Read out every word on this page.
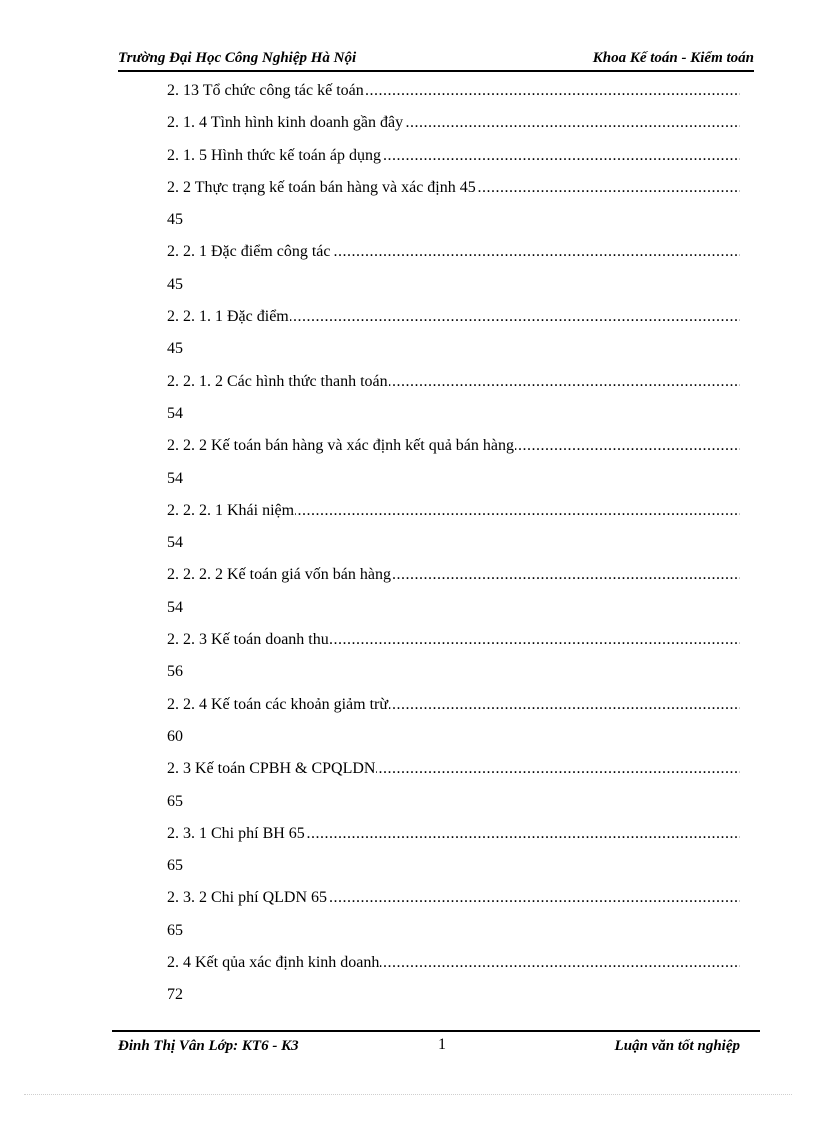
Trường Đại Học Công Nghiệp Hà Nội	Khoa Kế toán - Kiểm toán
2. 13 Tổ chức công tác kế toán .....
2. 1. 4 Tình hình kinh doanh gần đây .....
2. 1. 5 Hình thức kế toán áp dụng .....
2. 2 Thực trạng kế toán bán hàng và xác định 45 .....
45
2. 2. 1 Đặc điểm công tác .....
45
2. 2. 1. 1 Đặc điểm .....
45
2. 2. 1. 2 Các hình thức thanh toán .....
54
2. 2. 2 Kế toán bán hàng và xác định kết quả bán hàng .....
54
2. 2. 2. 1 Khái niệm .....
54
2. 2. 2. 2 Kế toán giá vốn bán hàng .....
54
2. 2. 3 Kế toán doanh thu .....
56
2. 2. 4 Kế toán các khoản giảm trừ .....
60
2. 3 Kế toán CPBH & CPQLDN .....
65
2. 3. 1 Chi phí BH 65 .....
65
2. 3. 2 Chi phí QLDN 65 .....
65
2. 4 Kết qủa xác định kinh doanh .....
72
Đinh Thị Vân Lớp: KT6 - K3	1	Luận văn tốt nghiệp
